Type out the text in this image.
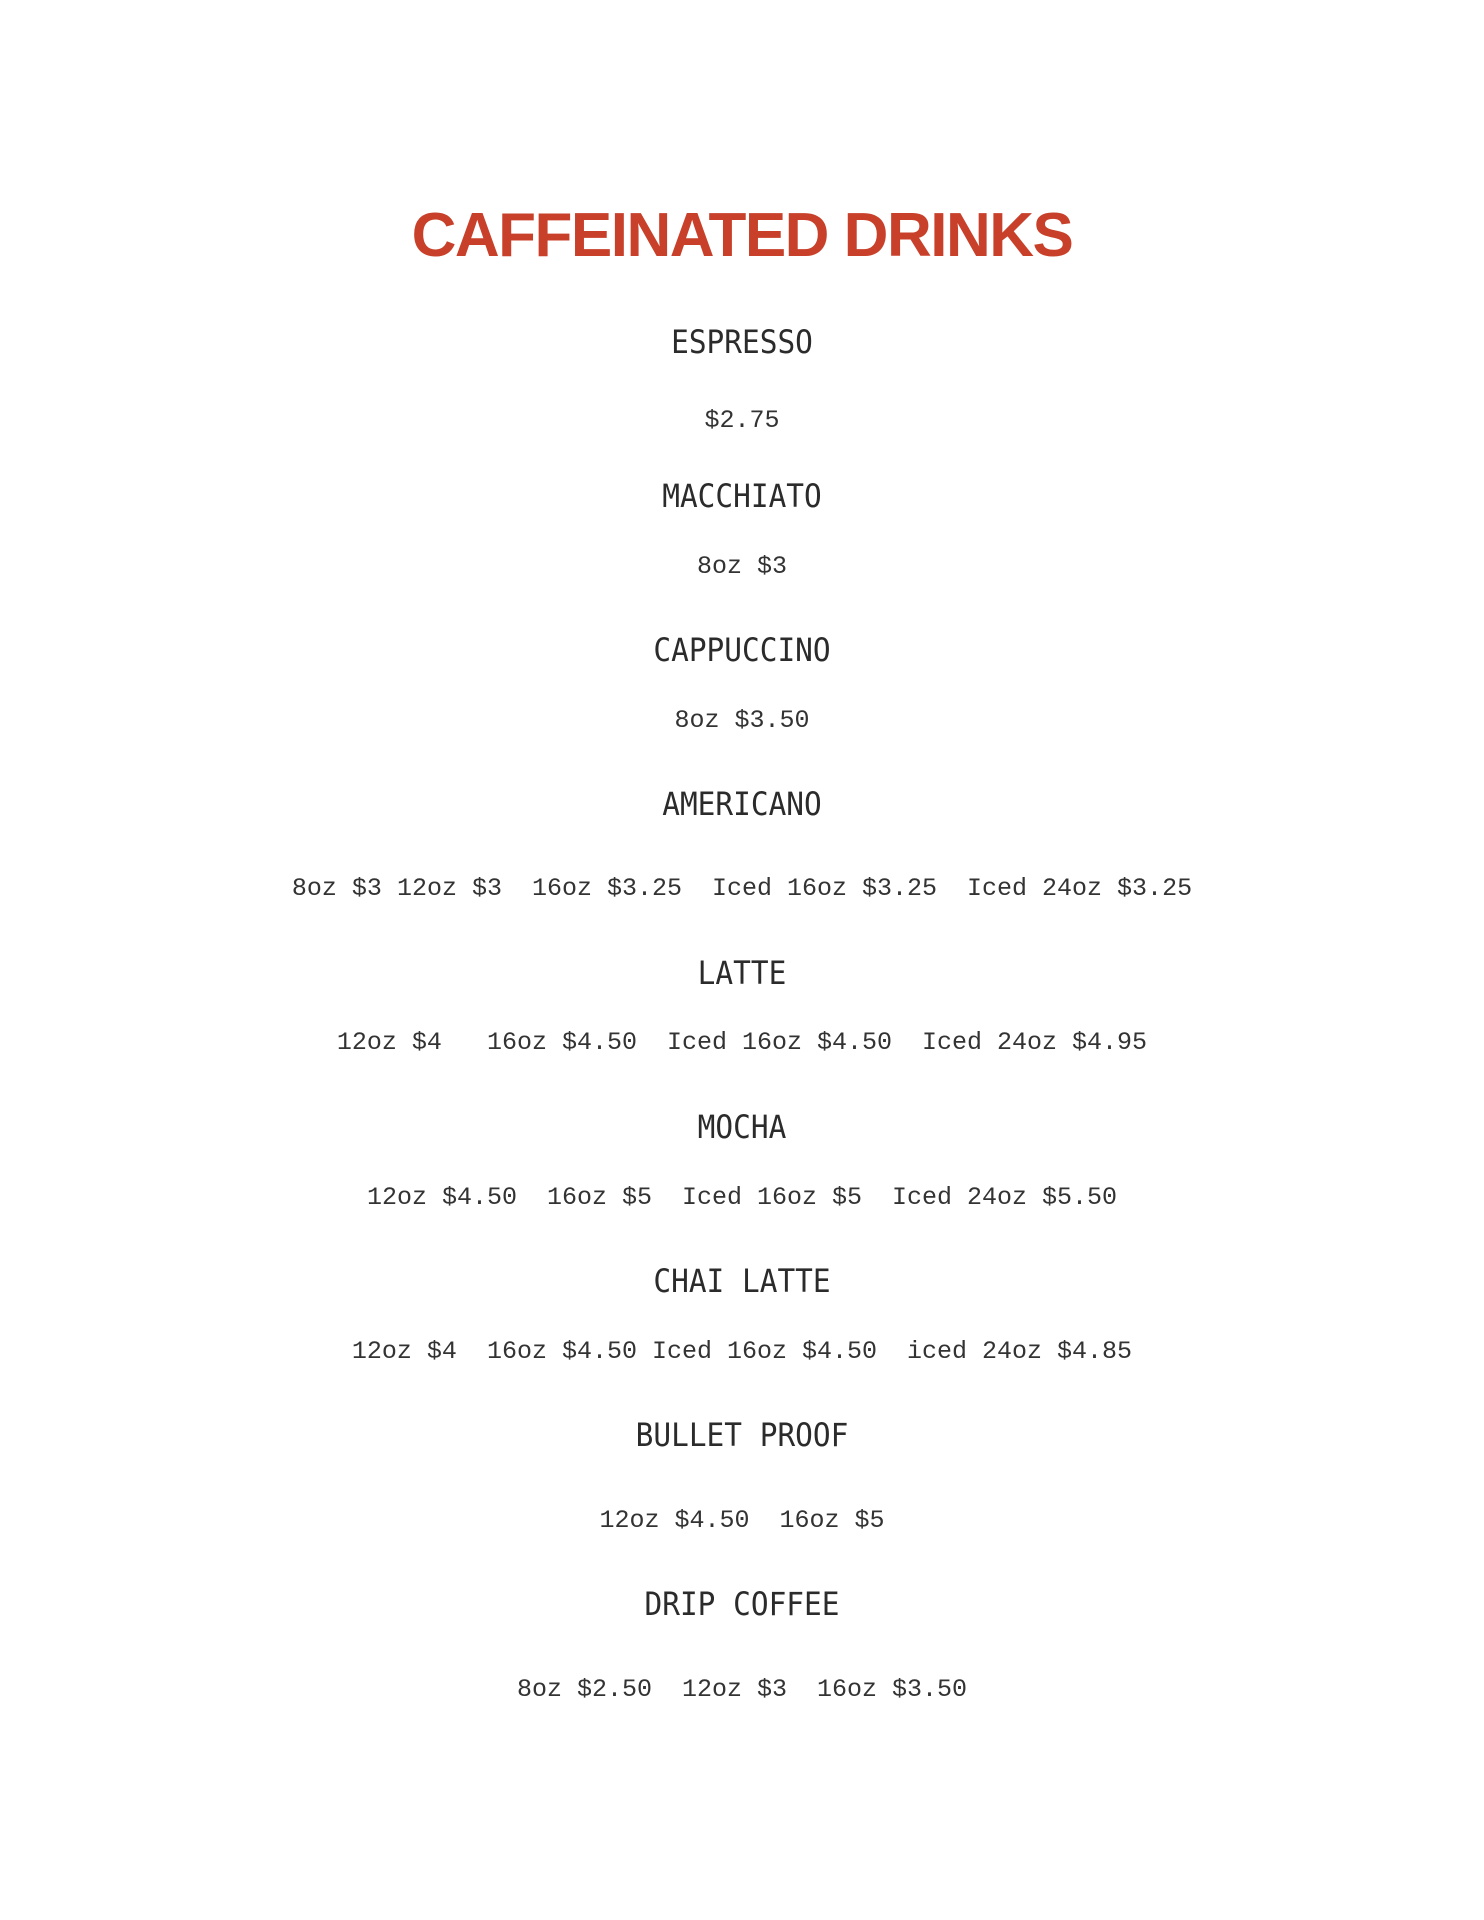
CAFFEINATED DRINKS
ESPRESSO
$2.75
MACCHIATO
8oz $3
CAPPUCCINO
8oz $3.50
AMERICANO
8oz $3 12oz $3  16oz $3.25  Iced 16oz $3.25  Iced 24oz $3.25
LATTE
12oz $4   16oz $4.50  Iced 16oz $4.50  Iced 24oz $4.95
MOCHA
12oz $4.50  16oz $5  Iced 16oz $5  Iced 24oz $5.50
CHAI LATTE
12oz $4  16oz $4.50 Iced 16oz $4.50  iced 24oz $4.85
BULLET PROOF
12oz $4.50  16oz $5
DRIP COFFEE
8oz $2.50  12oz $3  16oz $3.50
